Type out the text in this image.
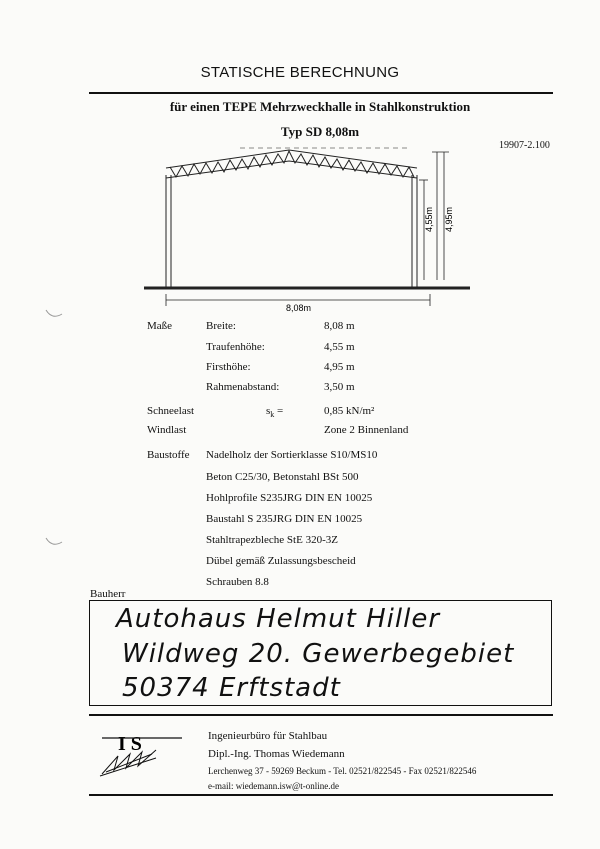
STATISCHE BERECHNUNG
für einen TEPE Mehrzweckhalle in Stahlkonstruktion
Typ SD 8,08m
19907-2.100
4,55m 4,95m
8,08m
Maße	Breite:	8,08 m
Traufenhöhe:	4,55 m
Firsthöhe:	4,95 m
Rahmenabstand:	3,50 m
Schneelast	$s_k$ =	0,85 kN/m²
Windlast	Zone 2 Binnenland
Baustoffe Nadelholz der Sortierklasse S10/MS10
Beton C25/30, Betonstahl BSt 500
Hohlprofile S235JRG DIN EN 10025
Baustahl S 235JRG DIN EN 10025
Stahltrapezbleche StE 320-3Z
Dübel gemäß Zulassungsbescheid
Schrauben 8.8
Bauherr
Autohaus Helmut Hiller
Wildweg 20. Gewerbegebiet
50374 Erftstadt
I S	Ingenieurbüro für Stahlbau
Dipl.-Ing. Thomas Wiedemann
Lerchenweg 37 - 59269 Beckum - Tel. 02521/822545 - Fax 02521/822546
e-mail: wiedemann.isw@t-online.de
